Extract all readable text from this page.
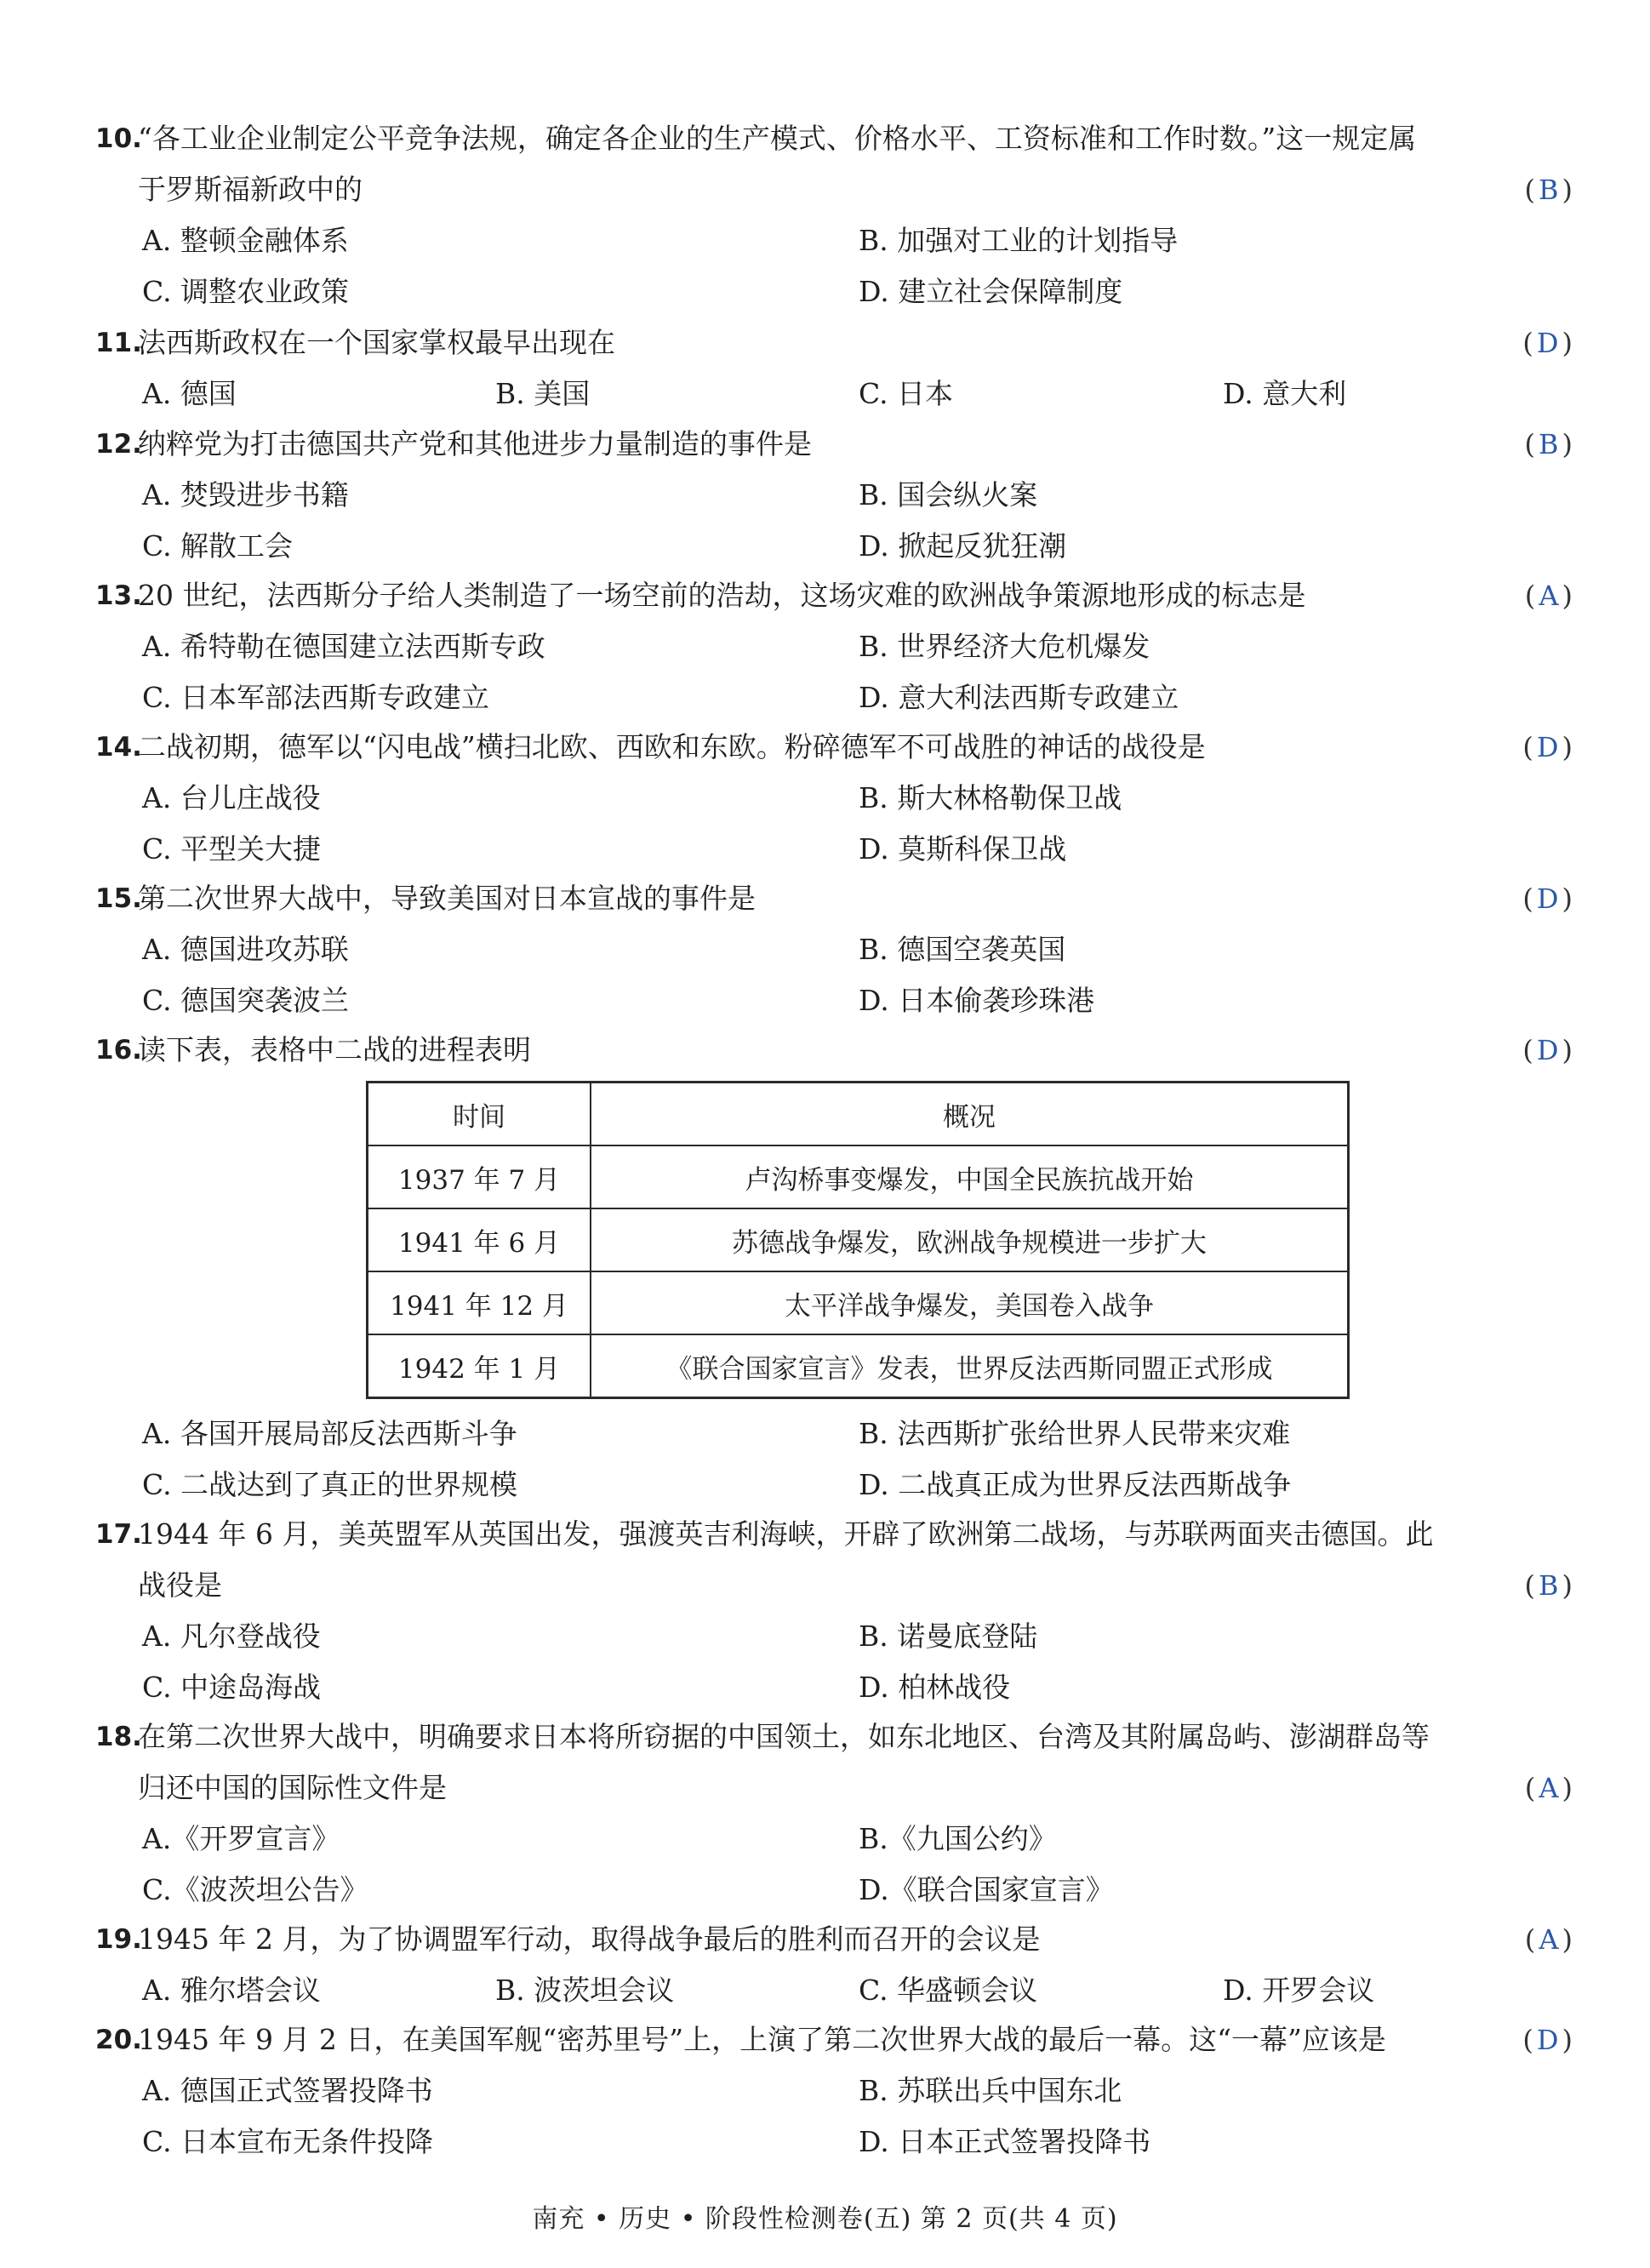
10.
“各工业企业制定公平竞争法规，确定各企业的生产模式、价格水平、工资标准和工作时数。”这一规定属于罗斯福新政中的	(B)
A. 整顿金融体系	B. 加强对工业的计划指导
C. 调整农业政策	D. 建立社会保障制度
11.
法西斯政权在一个国家掌权最早出现在	(D)
A. 德国	B. 美国	C. 日本	D. 意大利
12.
纳粹党为打击德国共产党和其他进步力量制造的事件是	(B)
A. 焚毁进步书籍	B. 国会纵火案
C. 解散工会	D. 掀起反犹狂潮
13.
20 世纪，法西斯分子给人类制造了一场空前的浩劫，这场灾难的欧洲战争策源地形成的标志是	(A)
A. 希特勒在德国建立法西斯专政	B. 世界经济大危机爆发
C. 日本军部法西斯专政建立	D. 意大利法西斯专政建立
14.
二战初期，德军以“闪电战”横扫北欧、西欧和东欧。粉碎德军不可战胜的神话的战役是	(D)
A. 台儿庄战役	B. 斯大林格勒保卫战
C. 平型关大捷	D. 莫斯科保卫战
15.
第二次世界大战中，导致美国对日本宣战的事件是	(D)
A. 德国进攻苏联	B. 德国空袭英国
C. 德国突袭波兰	D. 日本偷袭珍珠港
16.
读下表，表格中二战的进程表明	(D)
时间	概况
1937 年 7 月	卢沟桥事变爆发，中国全民族抗战开始
1941 年 6 月	苏德战争爆发，欧洲战争规模进一步扩大
1941 年 12 月	太平洋战争爆发，美国卷入战争
1942 年 1 月	《联合国家宣言》发表，世界反法西斯同盟正式形成
A. 各国开展局部反法西斯斗争	B. 法西斯扩张给世界人民带来灾难
C. 二战达到了真正的世界规模	D. 二战真正成为世界反法西斯战争
17.
1944 年 6 月，美英盟军从英国出发，强渡英吉利海峡，开辟了欧洲第二战场，与苏联两面夹击德国。此战役是	(B)
A. 凡尔登战役	B. 诺曼底登陆
C. 中途岛海战	D. 柏林战役
18.
在第二次世界大战中，明确要求日本将所窃据的中国领土，如东北地区、台湾及其附属岛屿、澎湖群岛等归还中国的国际性文件是	(A)
A.《开罗宣言》	B.《九国公约》
C.《波茨坦公告》	D.《联合国家宣言》
19.
1945 年 2 月，为了协调盟军行动，取得战争最后的胜利而召开的会议是	(A)
A. 雅尔塔会议	B. 波茨坦会议	C. 华盛顿会议	D. 开罗会议
20.
1945 年 9 月 2 日，在美国军舰“密苏里号”上，上演了第二次世界大战的最后一幕。这“一幕”应该是	(D)
A. 德国正式签署投降书	B. 苏联出兵中国东北
C. 日本宣布无条件投降	D. 日本正式签署投降书
南充 • 历史 • 阶段性检测卷(五) 第 2 页(共 4 页)
